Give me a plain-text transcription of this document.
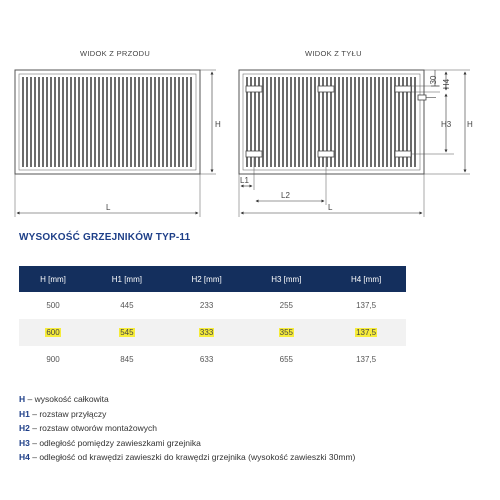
WIDOK Z PRZODU	WIDOK Z TYŁU
H
L
30 H4
H3 H
L1
L2
L
WYSOKOŚĆ GRZEJNIKÓW TYP-11
H [mm]	H1 [mm]	H2 [mm]	H3 [mm]	H4 [mm]
500	445	233	255	137,5
600	545	333	355	137,5
900	845	633	655	137,5
H – wysokość całkowita
H1 – rozstaw przyłączy
H2 – rozstaw otworów montażowych
H3 – odległość pomiędzy zawieszkami grzejnika
H4 – odległość od krawędzi zawieszki do krawędzi grzejnika (wysokość zawieszki 30mm)
